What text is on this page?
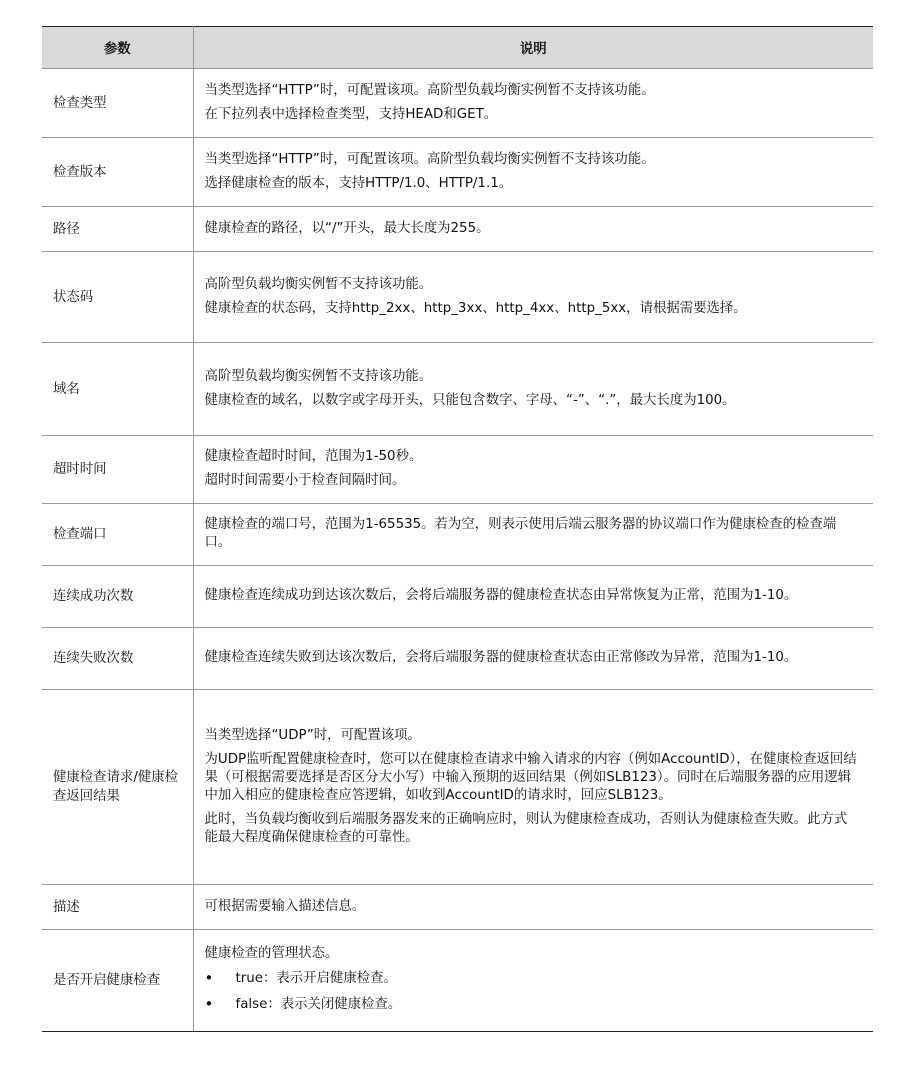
参数	说明
检查类型	当类型选择“HTTP”时，可配置该项。高阶型负载均衡实例暂不支持该功能。

在下拉列表中选择检查类型，支持HEAD和GET。

检查版本	当类型选择“HTTP”时，可配置该项。高阶型负载均衡实例暂不支持该功能。

选择健康检查的版本，支持HTTP/1.0、HTTP/1.1。

路径	健康检查的路径，以“/”开头，最大长度为255。

状态码	高阶型负载均衡实例暂不支持该功能。

健康检查的状态码，支持http_2xx、http_3xx、http_4xx、http_5xx，请根据需要选择。

域名	高阶型负载均衡实例暂不支持该功能。

健康检查的域名，以数字或字母开头，只能包含数字、字母、“-”、“.”，最大长度为100。

超时时间	健康检查超时时间，范围为1-50秒。

超时时间需要小于检查间隔时间。

检查端口	健康检查的端口号，范围为1-65535。若为空，则表示使用后端云服务器的协议端口作为健康检查的检查端口。

连续成功次数	健康检查连续成功到达该次数后，会将后端服务器的健康检查状态由异常恢复为正常，范围为1-10。

连续失败次数	健康检查连续失败到达该次数后，会将后端服务器的健康检查状态由正常修改为异常，范围为1-10。

健康检查请求/健康检查返回结果	当类型选择“UDP”时，可配置该项。

为UDP监听配置健康检查时，您可以在健康检查请求中输入请求的内容（例如AccountID），在健康检查返回结果（可根据需要选择是否区分大小写）中输入预期的返回结果（例如SLB123）。同时在后端服务器的应用逻辑中加入相应的健康检查应答逻辑，如收到AccountID的请求时，回应SLB123。

此时，当负载均衡收到后端服务器发来的正确响应时，则认为健康检查成功，否则认为健康检查失败。此方式能最大程度确保健康检查的可靠性。

描述	可根据需要输入描述信息。

是否开启健康检查	健康检查的管理状态。

• true：表示开启健康检查。

• false：表示关闭健康检查。
